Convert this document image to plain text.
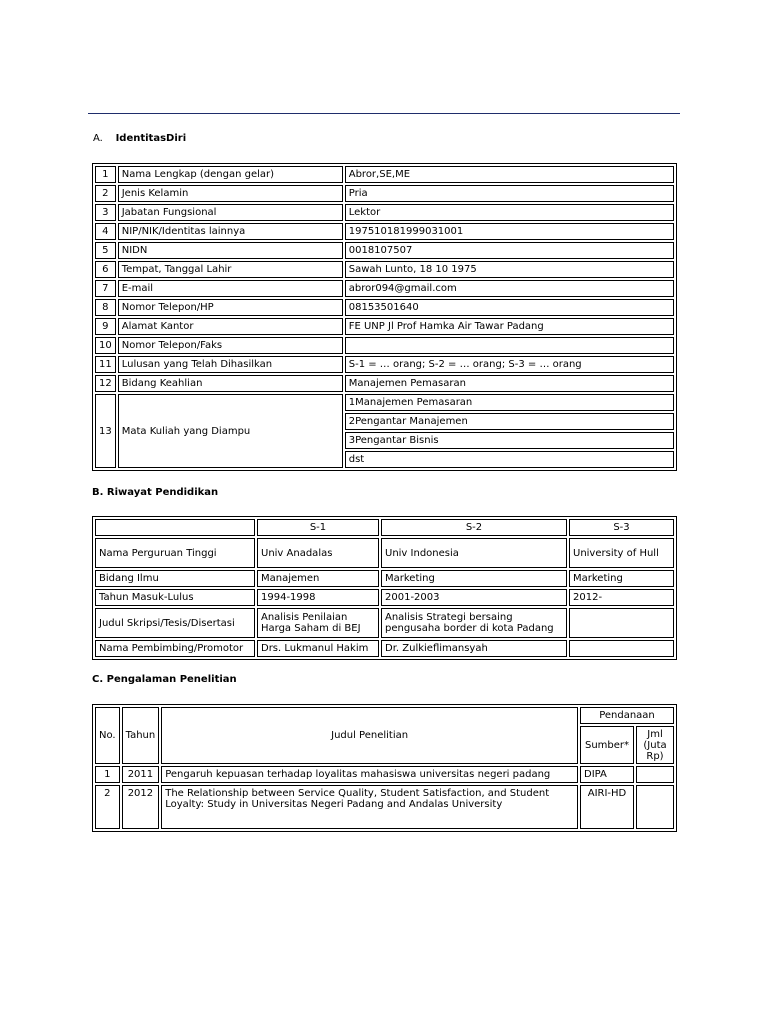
A. IdentitasDiri
1	Nama Lengkap (dengan gelar)	Abror,SE,ME
2	Jenis Kelamin	Pria
3	Jabatan Fungsional	Lektor
4	NIP/NIK/Identitas lainnya	197510181999031001
5	NIDN	0018107507
6	Tempat, Tanggal Lahir	Sawah Lunto, 18 10 1975
7	E-mail	abror094@gmail.com
8	Nomor Telepon/HP	08153501640
9	Alamat Kantor	FE UNP Jl Prof Hamka Air Tawar Padang
10	Nomor Telepon/Faks	
11	Lulusan yang Telah Dihasilkan	S-1 = … orang; S-2 = … orang; S-3 = … orang
12	Bidang Keahlian	Manajemen Pemasaran
13	Mata Kuliah yang Diampu	1Manajemen Pemasaran
		2Pengantar Manajemen
		3Pengantar Bisnis
		dst
B. Riwayat Pendidikan
	S-1	S-2	S-3
Nama Perguruan Tinggi	Univ Anadalas	Univ Indonesia	University of Hull
Bidang Ilmu	Manajemen	Marketing	Marketing
Tahun Masuk-Lulus	1994-1998	2001-2003	2012-
Judul Skripsi/Tesis/Disertasi	Analisis Penilaian Harga Saham di BEJ	Analisis Strategi bersaing pengusaha border di kota Padang	
Nama Pembimbing/Promotor	Drs. Lukmanul Hakim	Dr. Zulkieflimansyah	
C. Pengalaman Penelitian
No.	Tahun	Judul Penelitian	Pendanaan	
			Sumber*	Jml (Juta Rp)
1	2011	Pengaruh kepuasan terhadap loyalitas mahasiswa universitas negeri padang	DIPA	
2	2012	The Relationship between Service Quality, Student Satisfaction, and Student Loyalty: Study in Universitas Negeri Padang and Andalas University	AIRI-HD	
